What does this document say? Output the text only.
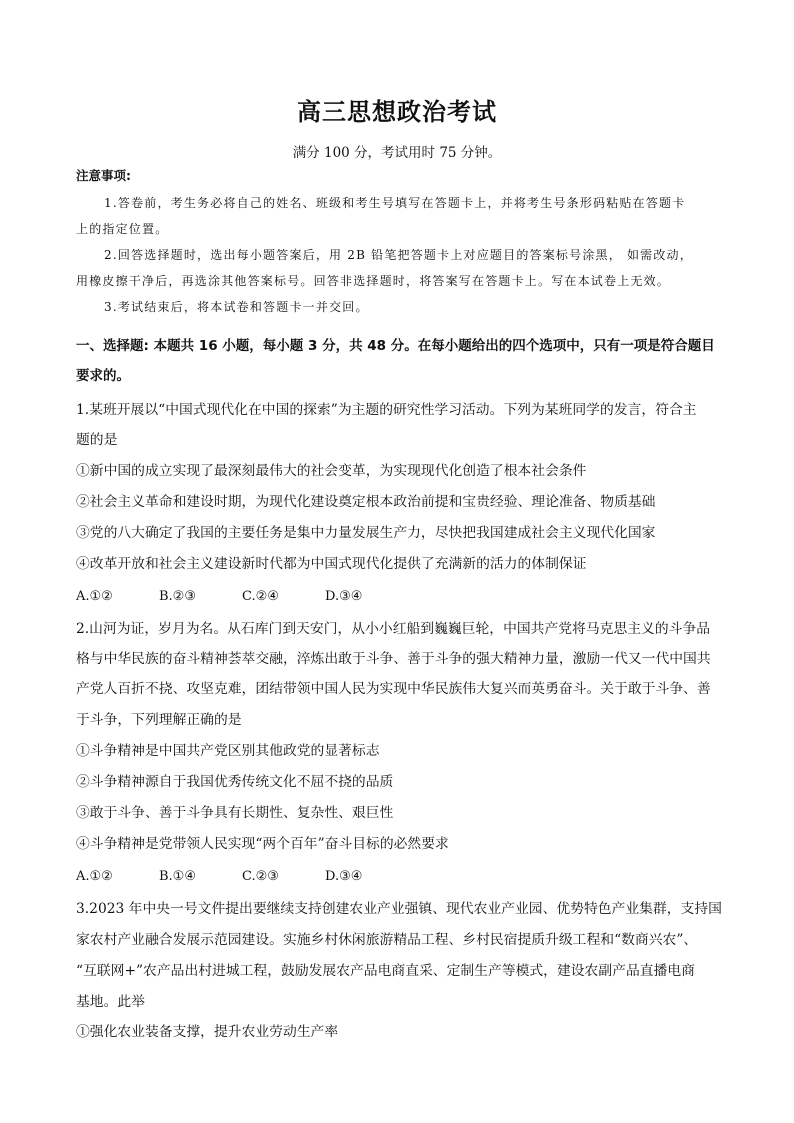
高三思想政治考试
满分 100 分，考试用时 75 分钟。
注意事项:
1.答卷前，考生务必将自己的姓名、班级和考生号填写在答题卡上，并将考生号条形码粘贴在答题卡
上的指定位置。
2.回答选择题时，选出每小题答案后，用 2B 铅笔把答题卡上对应题目的答案标号涂黑， 如需改动，
用橡皮擦干净后，再选涂其他答案标号。回答非选择题时，将答案写在答题卡上。写在本试卷上无效。
3.考试结束后，将本试卷和答题卡一并交回。
一、选择题: 本题共 16 小题，每小题 3 分，共 48 分。在每小题给出的四个选项中，只有一项是符合题目
要求的。
1.某班开展以“中国式现代化在中国的探索”为主题的研究性学习活动。下列为某班同学的发言，符合主
题的是
①新中国的成立实现了最深刻最伟大的社会变革，为实现现代化创造了根本社会条件
②社会主义革命和建设时期，为现代化建设奠定根本政治前提和宝贵经验、理论准备、物质基础
③党的八大确定了我国的主要任务是集中力量发展生产力，尽快把我国建成社会主义现代化国家
④改革开放和社会主义建设新时代都为中国式现代化提供了充满新的活力的体制保证
A.①②	B.②③	C.②④	D.③④
2.山河为证，岁月为名。从石库门到天安门，从小小红船到巍巍巨轮，中国共产党将马克思主义的斗争品
格与中华民族的奋斗精神荟萃交融，淬炼出敢于斗争、善于斗争的强大精神力量，激励一代又一代中国共
产党人百折不挠、攻坚克难，团结带领中国人民为实现中华民族伟大复兴而英勇奋斗。关于敢于斗争、善
于斗争，下列理解正确的是
①斗争精神是中国共产党区别其他政党的显著标志
②斗争精神源自于我国优秀传统文化不屈不挠的品质
③敢于斗争、善于斗争具有长期性、复杂性、艰巨性
④斗争精神是党带领人民实现“两个百年”奋斗目标的必然要求
A.①②	B.①④	C.②③	D.③④
3.2023 年中央一号文件提出要继续支持创建农业产业强镇、现代农业产业园、优势特色产业集群，支持国
家农村产业融合发展示范园建设。实施乡村休闲旅游精品工程、乡村民宿提质升级工程和“数商兴农”、
“互联网+”农产品出村进城工程，鼓励发展农产品电商直采、定制生产等模式，建设农副产品直播电商
基地。此举
①强化农业装备支撑，提升农业劳动生产率
